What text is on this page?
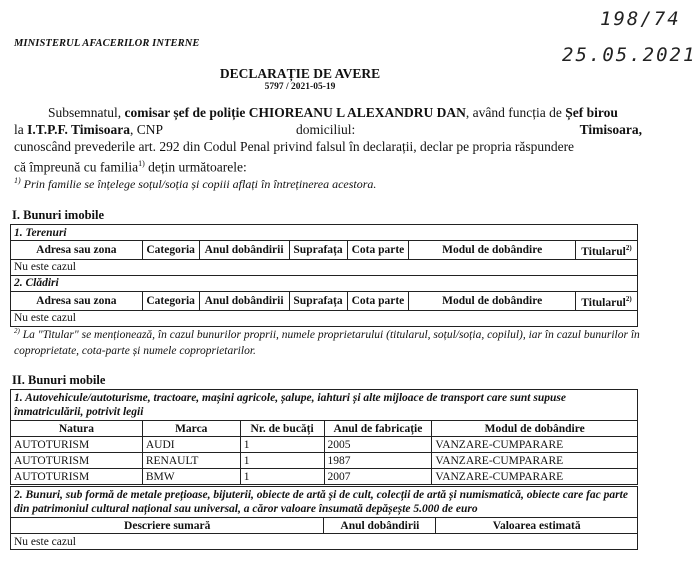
MINISTERUL AFACERILOR INTERNE
198/74
25.05.2021
DECLARAȚIE DE AVERE
5797 / 2021-05-19
Subsemnatul, comisar șef de poliție CHIOREANU L ALEXANDRU DAN, având funcția de Șef birou
la I.T.P.F. Timisoara, CNP	domiciliul:	Timisoara,
cunoscând prevederile art. 292 din Codul Penal privind falsul în declarații, declar pe propria răspundere
că împreună cu familia$^{1)}$ dețin următoarele:
$^{1)}$ Prin familie se înțelege soțul/soția și copiii aflați în întreținerea acestora.
I. Bunuri imobile
1. Terenuri						
Adresa sau zona	Categoria	Anul dobândirii	Suprafața	Cota parte	Modul de dobândire	Titularul$^{2)}$
Nu este cazul						
2. Clădiri						
Adresa sau zona	Categoria	Anul dobândirii	Suprafața	Cota parte	Modul de dobândire	Titularul$^{2)}$
Nu este cazul						
$^{2)}$ La "Titular" se menționează, în cazul bunurilor proprii, numele proprietarului (titularul, soțul/soția, copilul), iar în cazul bunurilor în coproprietate, cota-parte și numele coproprietarilor.
II. Bunuri mobile
1. Autovehicule/autoturisme, tractoare, mașini agricole, șalupe, iahturi și alte mijloace de transport care sunt supuse înmatriculării, potrivit legii				
Natura	Marca	Nr. de bucăți	Anul de fabricație	Modul de dobândire
AUTOTURISM	AUDI	1	2005	VANZARE-CUMPARARE
AUTOTURISM	RENAULT	1	1987	VANZARE-CUMPARARE
AUTOTURISM	BMW	1	2007	VANZARE-CUMPARARE
2. Bunuri, sub formă de metale prețioase, bijuterii, obiecte de artă și de cult, colecții de artă și numismatică, obiecte care fac parte din patrimoniul cultural național sau universal, a căror valoare însumată depășește 5.000 de euro
Descriere sumară	Anul dobândirii	Valoarea estimată
Nu este cazul
